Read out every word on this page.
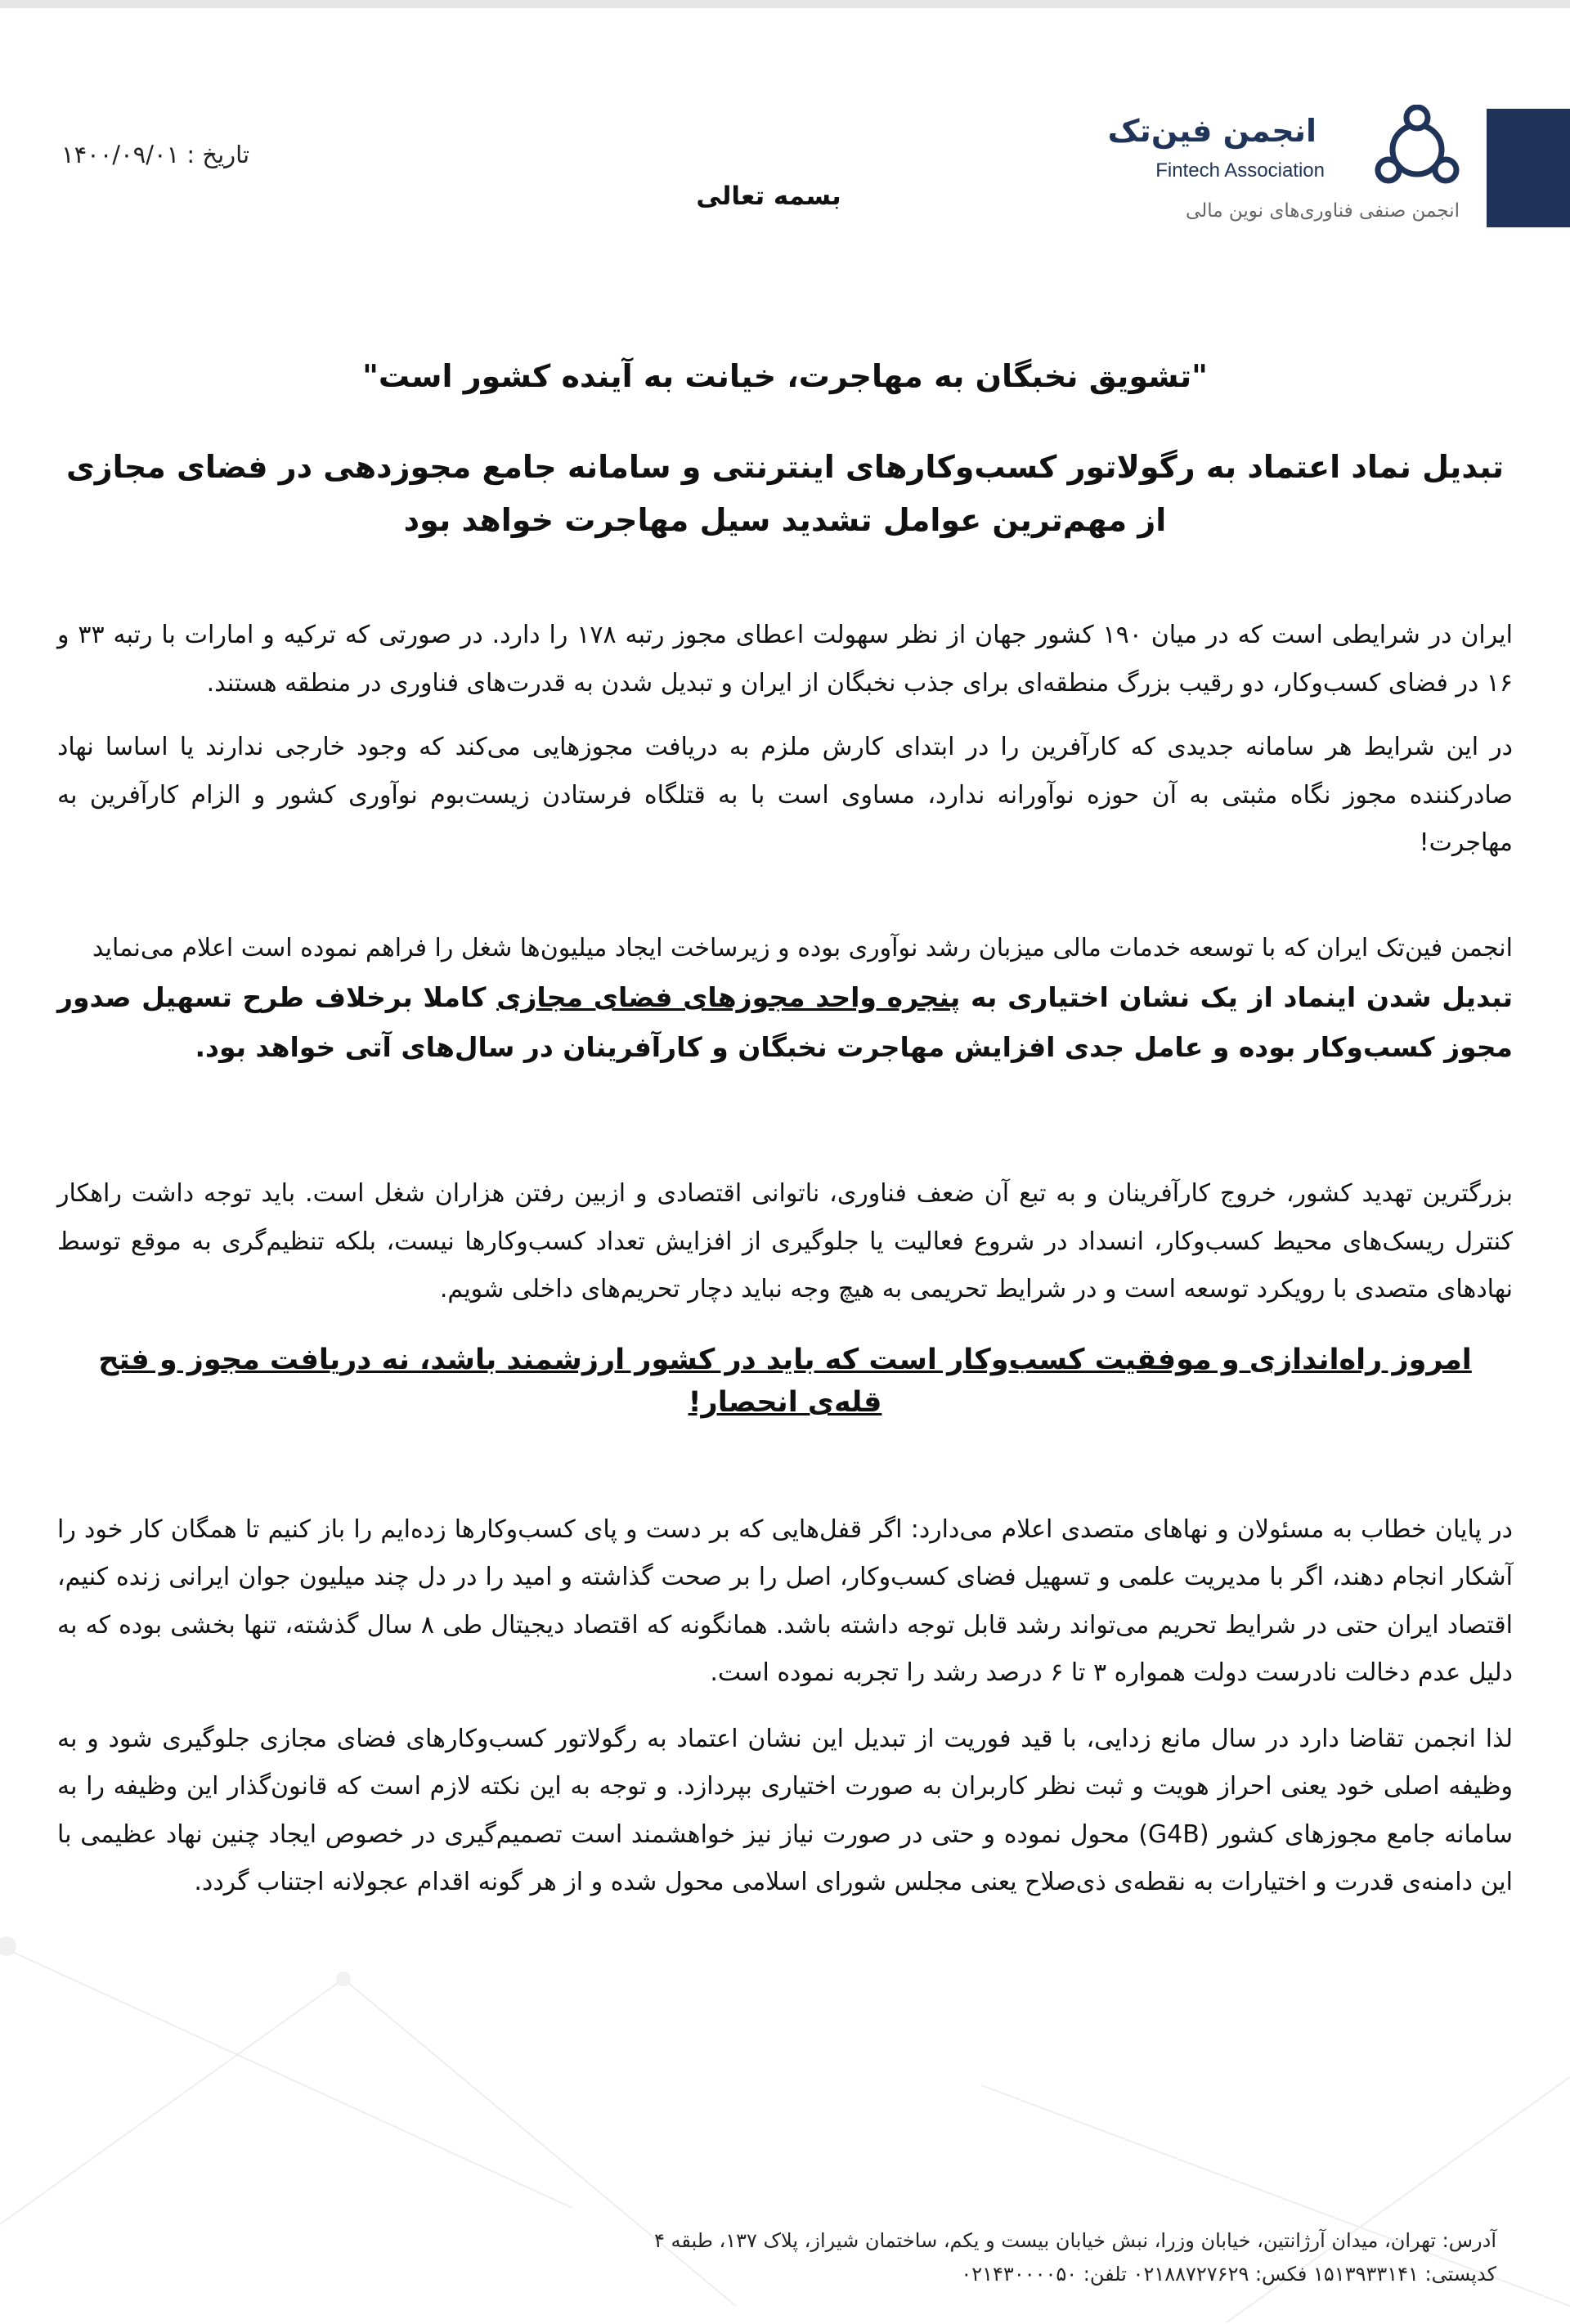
انجمن فین‌تک
Fintech Association
انجمن صنفی فناوری‌های نوین مالی
تاریخ : ۱۴۰۰/۰۹/۰۱
بسمه تعالی
"تشویق نخبگان به مهاجرت، خیانت به آینده کشور است"
تبدیل نماد اعتماد به رگولاتور کسب‌وکارهای اینترنتی و سامانه جامع مجوزدهی در فضای مجازی
از مهم‌ترین عوامل تشدید سیل مهاجرت خواهد بود

ایران در شرایطی است که در میان ۱۹۰ کشور جهان از نظر سهولت اعطای مجوز رتبه ۱۷۸ را دارد. در صورتی که ترکیه و امارات با رتبه ۳۳ و ۱۶ در فضای کسب‌وکار، دو رقیب بزرگ منطقه‌ای برای جذب نخبگان از ایران و تبدیل شدن به قدرت‌های فناوری در منطقه هستند.

در این شرایط هر سامانه جدیدی که کارآفرین را در ابتدای کارش ملزم به دریافت مجوزهایی می‌کند که وجود خارجی ندارند یا اساسا نهاد صادرکننده مجوز نگاه مثبتی به آن حوزه نوآورانه ندارد، مساوی است با به قتلگاه فرستادن زیست‌بوم نوآوری کشور و الزام کارآفرین به مهاجرت!

انجمن فین‌تک ایران که با توسعه خدمات مالی میزبان رشد نوآوری بوده و زیرساخت ایجاد میلیون‌ها شغل را فراهم نموده است اعلام می‌نماید

تبدیل شدن اینماد از یک نشان اختیاری به پنجره واحد مجوزهای فضای مجازی کاملا برخلاف طرح تسهیل صدور مجوز کسب‌وکار بوده و عامل جدی افزایش مهاجرت نخبگان و کارآفرینان در سال‌های آتی خواهد بود.

بزرگترین تهدید کشور، خروج کارآفرینان و به تبع آن ضعف فناوری، ناتوانی اقتصادی و ازبین رفتن هزاران شغل است. باید توجه داشت راهکار کنترل ریسک‌های محیط کسب‌وکار، انسداد در شروع فعالیت یا جلوگیری از افزایش تعداد کسب‌وکارها نیست، بلکه تنظیم‌گری به موقع توسط نهادهای متصدی با رویکرد توسعه است و در شرایط تحریمی به هیچ وجه نباید دچار تحریم‌های داخلی شویم.

امروز راه‌اندازی و موفقیت کسب‌وکار است که باید در کشور ارزشمند باشد، نه دریافت مجوز و فتح قله‌ی انحصار!

در پایان خطاب به مسئولان و نهاهای متصدی اعلام می‌دارد: اگر قفل‌هایی که بر دست و پای کسب‌وکارها زده‌ایم را باز کنیم تا همگان کار خود را آشکار انجام دهند، اگر با مدیریت علمی و تسهیل فضای کسب‌وکار، اصل را بر صحت گذاشته و امید را در دل چند میلیون جوان ایرانی زنده کنیم، اقتصاد ایران حتی در شرایط تحریم می‌تواند رشد قابل توجه داشته باشد. همانگونه که اقتصاد دیجیتال طی ۸ سال گذشته، تنها بخشی بوده که به دلیل عدم دخالت نادرست دولت همواره ۳ تا ۶ درصد رشد را تجربه نموده است.

لذا انجمن تقاضا دارد در سال مانع زدایی، با قید فوریت از تبدیل این نشان اعتماد به رگولاتور کسب‌وکارهای فضای مجازی جلوگیری شود و به وظیفه اصلی خود یعنی احراز هویت و ثبت نظر کاربران به صورت اختیاری بپردازد. و توجه به این نکته لازم است که قانون‌گذار این وظیفه را به سامانه جامع مجوزهای کشور (G4B) محول نموده و حتی در صورت نیاز نیز خواهشمند است تصمیم‌گیری در خصوص ایجاد چنین نهاد عظیمی با این دامنه‌ی قدرت و اختیارات به نقطه‌ی ذی‌صلاح یعنی مجلس شورای اسلامی محول شده و از هر گونه اقدام عجولانه اجتناب گردد.

آدرس: تهران، میدان آرژانتین، خیابان وزرا، نبش خیابان بیست و یکم، ساختمان شیراز، پلاک ۱۳۷، طبقه ۴
کدپستی: ۱۵۱۳۹۳۳۱۴۱ فکس: ۰۲۱۸۸۷۲۷۶۲۹ تلفن: ۰۲۱۴۳۰۰۰۰۵۰
